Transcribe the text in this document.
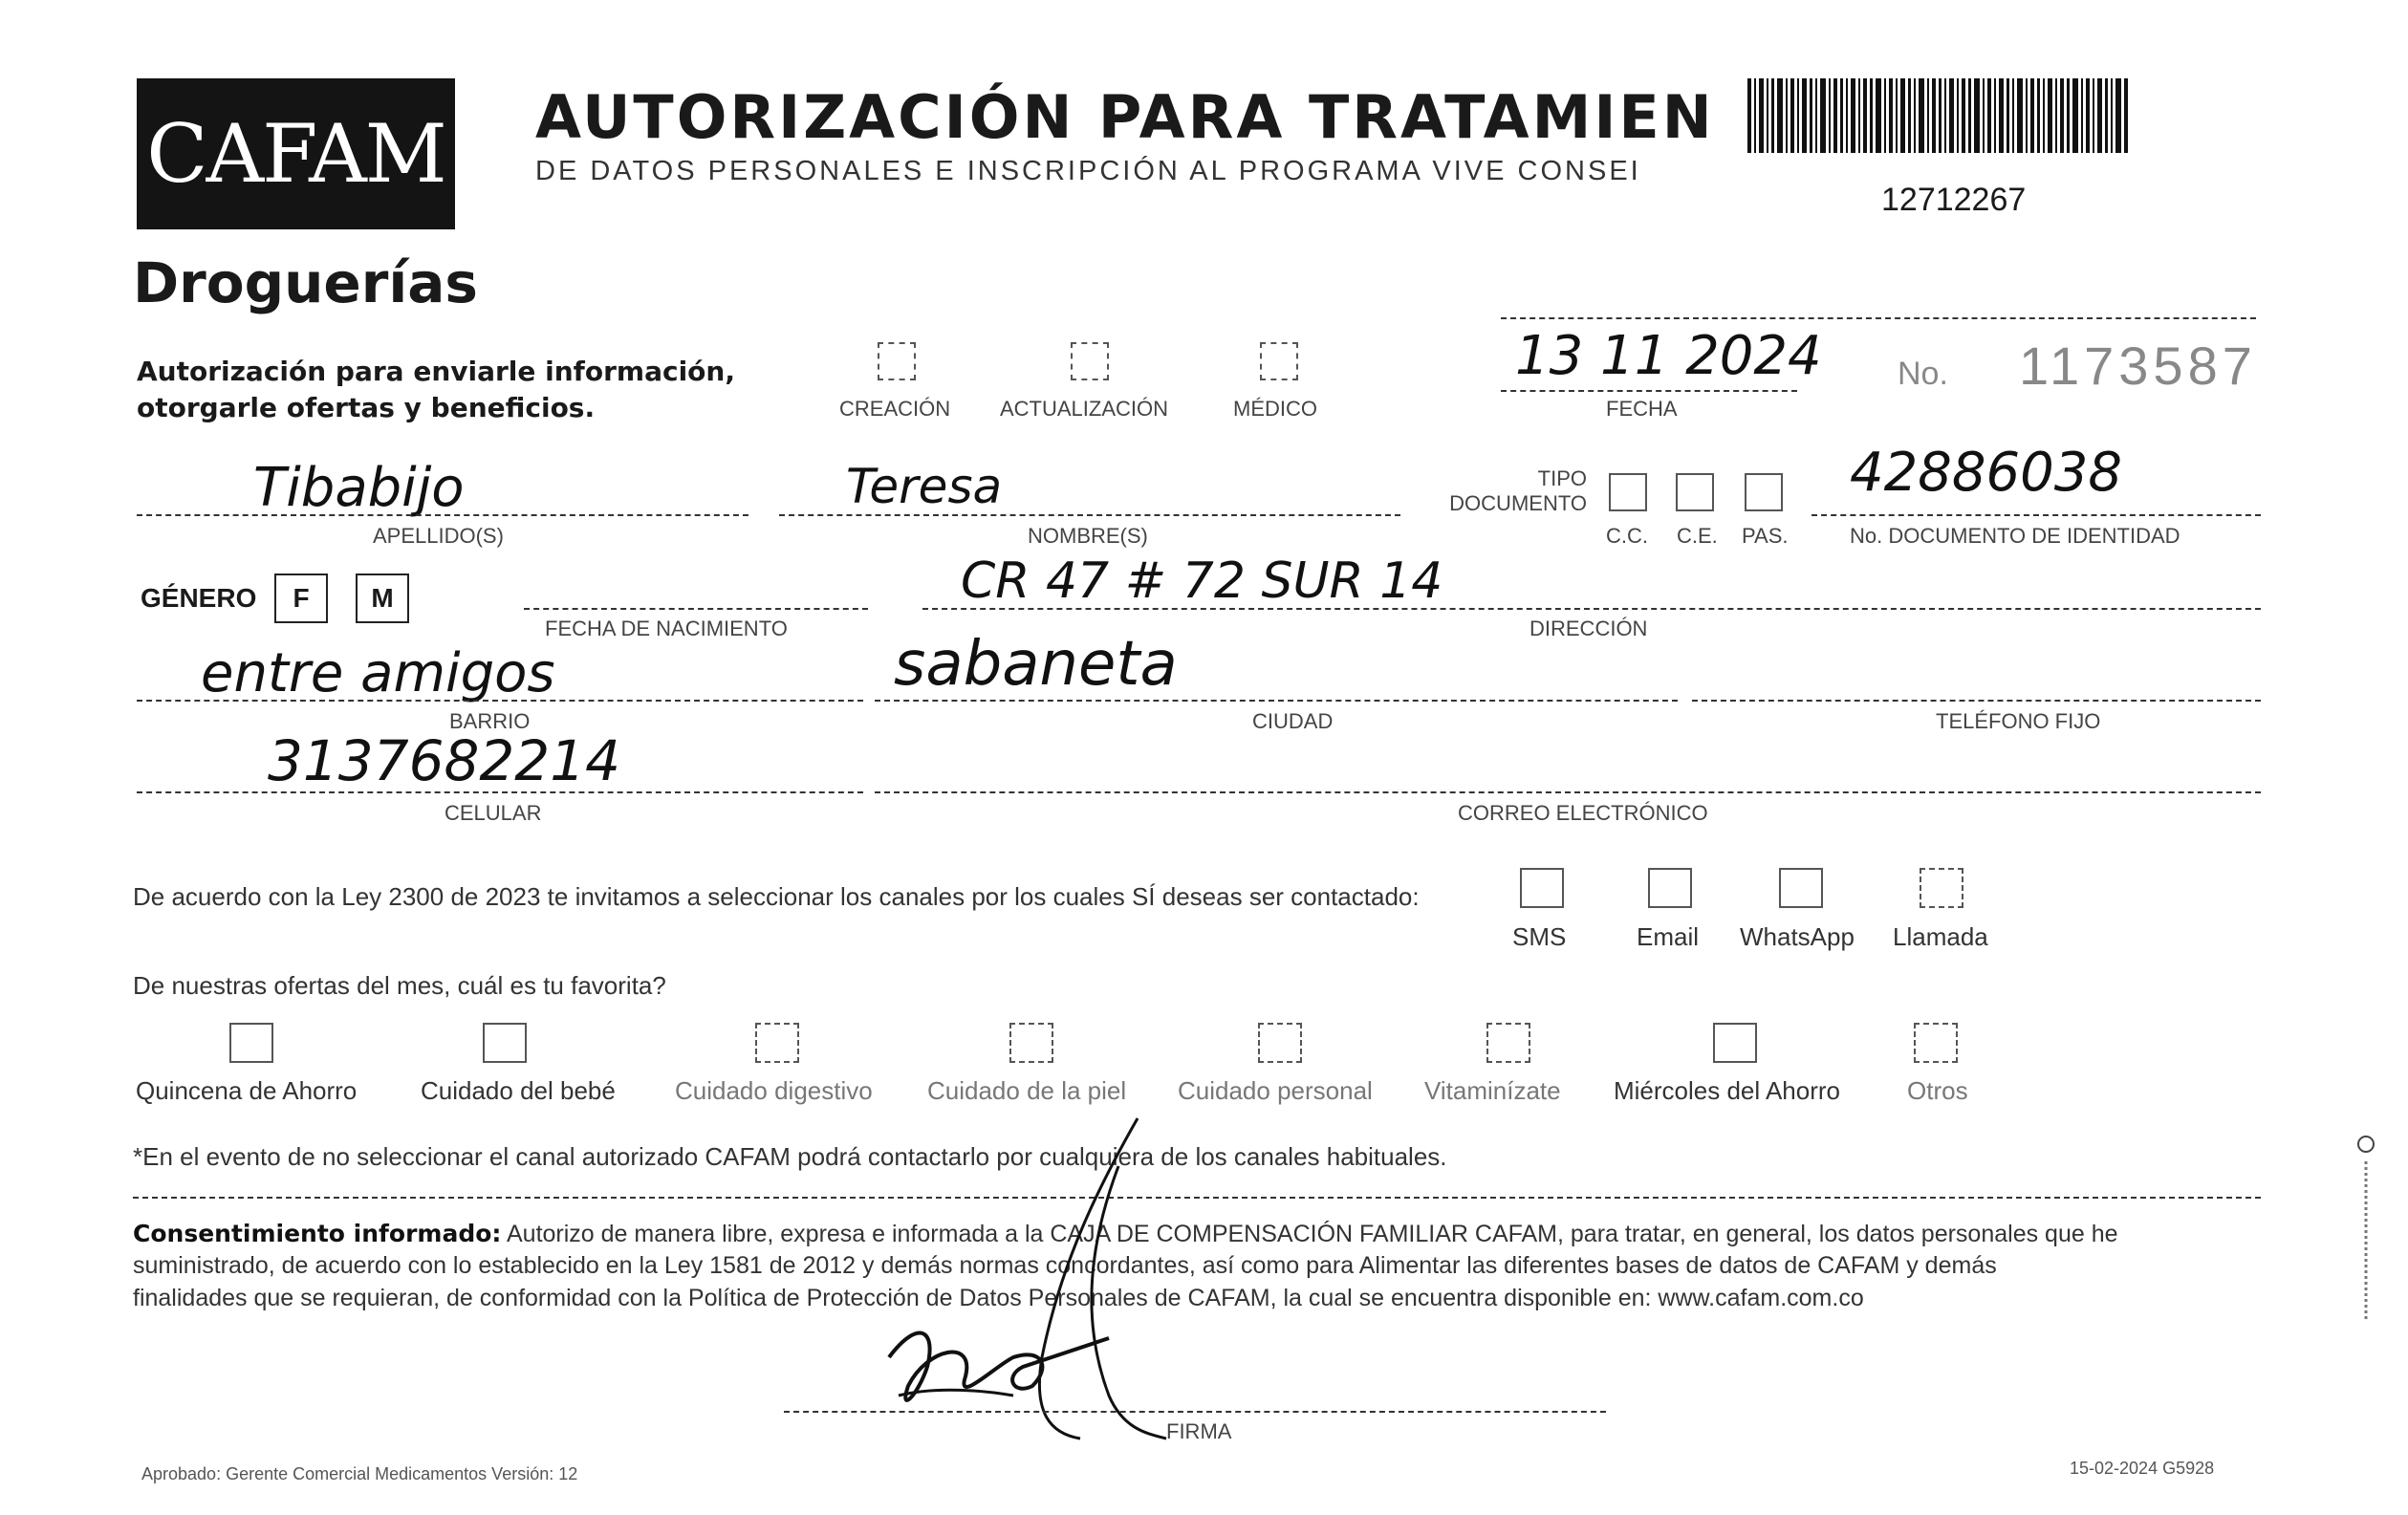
CAFAM
Droguerías
AUTORIZACIÓN PARA TRATAMIEN
DE DATOS PERSONALES E INSCRIPCIÓN AL PROGRAMA VIVE CONSEI
12712267
Autorización para enviarle información,
otorgarle ofertas y beneficios.	CREACIÓN ACTUALIZACIÓN	MÉDICO
13 11 2024
FECHA
No. 1173587
Tibabijo
APELLIDO(S)
Teresa
NOMBRE(S)
TIPO DOCUMENTO
C.C. C.E. PAS.
42886038
No. DOCUMENTO DE IDENTIDAD
GÉNERO	F	M
FECHA DE NACIMIENTO
CR 47 # 72 SUR 14
DIRECCIÓN
entre amigos
BARRIO
sabaneta
CIUDAD	TELÉFONO FIJO
3137682214
CELULAR	CORREO ELECTRÓNICO
De acuerdo con la Ley 2300 de 2023 te invitamos a seleccionar los canales por los cuales SÍ deseas ser contactado:
SMS	Email WhatsApp Llamada
De nuestras ofertas del mes, cuál es tu favorita?
Quincena de Ahorro	Cuidado del bebé Cuidado digestivo Cuidado de la piel Cuidado personal Vitaminízate Miércoles del Ahorro	Otros
*En el evento de no seleccionar el canal autorizado CAFAM podrá contactarlo por cualquiera de los canales habituales.
Consentimiento informado: Autorizo de manera libre, expresa e informada a la CAJA DE COMPENSACIÓN FAMILIAR CAFAM, para tratar, en general, los datos personales que he
suministrado, de acuerdo con lo establecido en la Ley 1581 de 2012 y demás normas concordantes, así como para Alimentar las diferentes bases de datos de CAFAM y demás
finalidades que se requieran, de conformidad con la Política de Protección de Datos Personales de CAFAM, la cual se encuentra disponible en: www.cafam.com.co
FIRMA
Aprobado: Gerente Comercial Medicamentos Versión: 12	15-02-2024 G5928
